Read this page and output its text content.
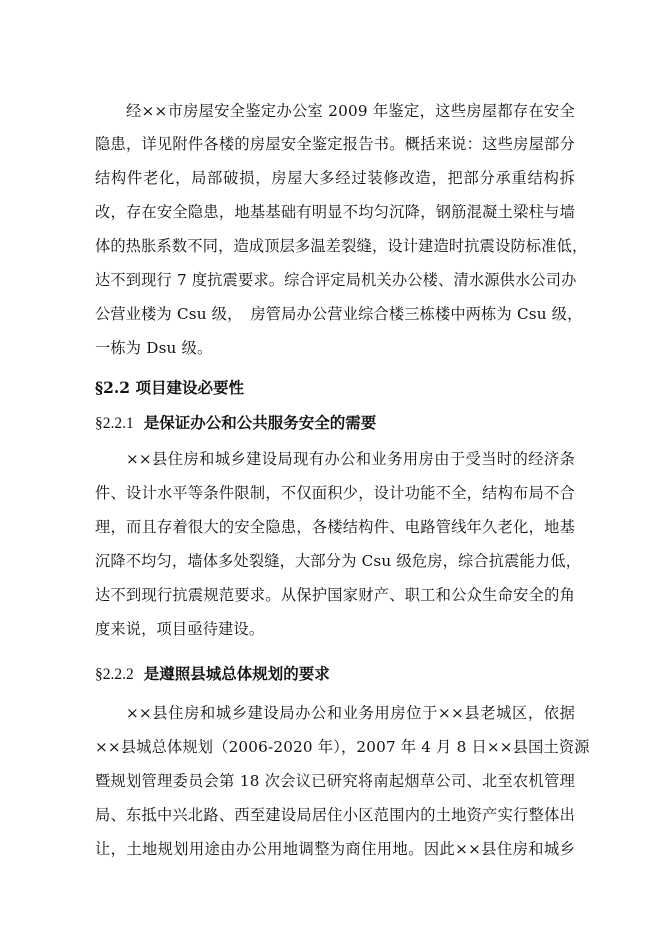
经××市房屋安全鉴定办公室 2009 年鉴定，这些房屋都存在安全
隐患，详见附件各楼的房屋安全鉴定报告书。概括来说：这些房屋部分
结构件老化，局部破损，房屋大多经过装修改造，把部分承重结构拆
改，存在安全隐患，地基基础有明显不均匀沉降，钢筋混凝土梁柱与墙
体的热胀系数不同，造成顶层多温差裂缝，设计建造时抗震设防标准低，
达不到现行 7 度抗震要求。综合评定局机关办公楼、清水源供水公司办
公营业楼为 Csu 级，　房管局办公营业综合楼三栋楼中两栋为 Csu 级，
一栋为 Dsu 级。
§2.2 项目建设必要性
§2.2.1 是保证办公和公共服务安全的需要
××县住房和城乡建设局现有办公和业务用房由于受当时的经济条
件、设计水平等条件限制，不仅面积少，设计功能不全，结构布局不合
理，而且存着很大的安全隐患，各楼结构件、电路管线年久老化，地基
沉降不均匀，墙体多处裂缝，大部分为 Csu 级危房，综合抗震能力低，
达不到现行抗震规范要求。从保护国家财产、职工和公众生命安全的角
度来说，项目亟待建设。
§2.2.2 是遵照县城总体规划的要求
××县住房和城乡建设局办公和业务用房位于××县老城区，依据
××县城总体规划（2006-2020 年），2007 年 4 月 8 日××县国土资源
暨规划管理委员会第 18 次会议已研究将南起烟草公司、北至农机管理
局、东抵中兴北路、西至建设局居住小区范围内的土地资产实行整体出
让，土地规划用途由办公用地调整为商住用地。因此××县住房和城乡
